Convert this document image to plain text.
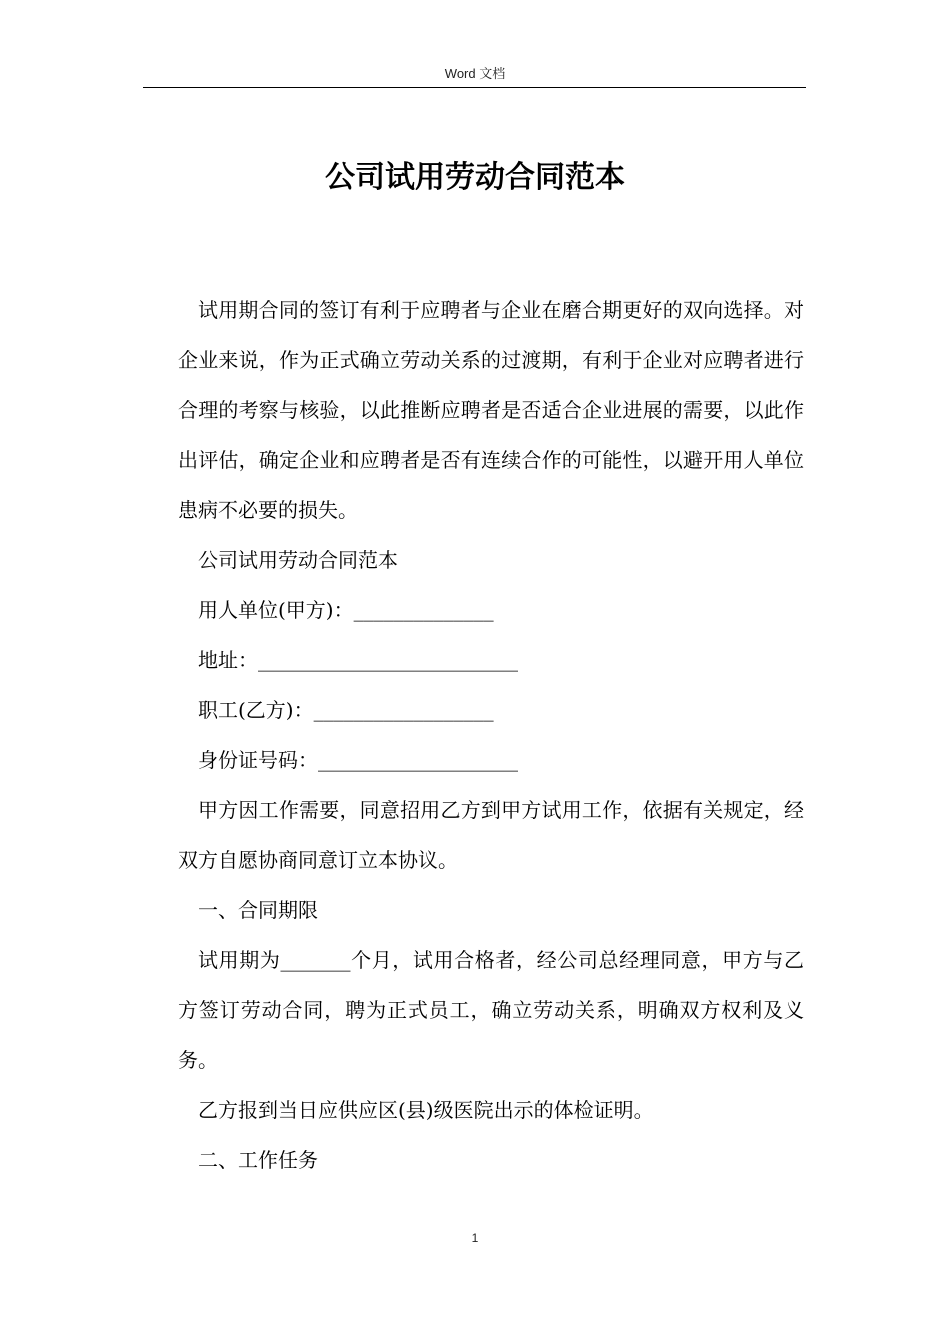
Word 文档
公司试用劳动合同范本

试用期合同的签订有利于应聘者与企业在磨合期更好的双向选择。对企业来说，作为正式确立劳动关系的过渡期，有利于企业对应聘者进行合理的考察与核验，以此推断应聘者是否适合企业进展的需要，以此作出评估，确定企业和应聘者是否有连续合作的可能性，以避开用人单位患病不必要的损失。

公司试用劳动合同范本

用人单位(甲方)：______________

地址：__________________________

职工(乙方)：__________________

身份证号码：____________________

甲方因工作需要，同意招用乙方到甲方试用工作，依据有关规定，经双方自愿协商同意订立本协议。

一、合同期限

试用期为_______个月，试用合格者，经公司总经理同意，甲方与乙方签订劳动合同，聘为正式员工，确立劳动关系，明确双方权利及义务。

乙方报到当日应供应区(县)级医院出示的体检证明。

二、工作任务

1
